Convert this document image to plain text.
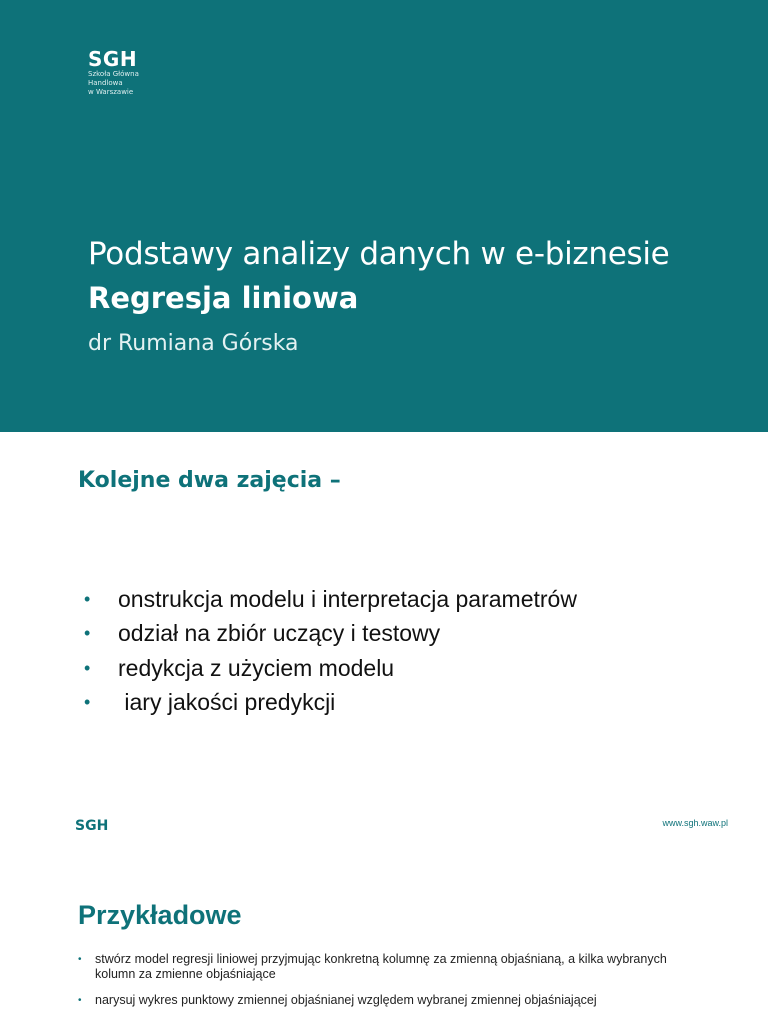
SGH
Szkoła Główna
Handlowa
w Warszawie
Podstawy analizy danych w e-biznesie
Regresja liniowa
dr Rumiana Górska
Kolejne dwa zajęcia –
•	onstrukcja modelu i interpretacja parametrów
•	odział na zbiór uczący i testowy
•	redykcja z użyciem modelu
•	iary jakości predykcji
SGH	www.sgh.waw.pl
Przykładowe
•	stwórz model regresji liniowej przyjmując konkretną kolumnę za zmienną objaśnianą, a kilka wybranych kolumn za zmienne objaśniające
•	narysuj wykres punktowy zmiennej objaśnianej względem wybranej zmiennej objaśniającej
